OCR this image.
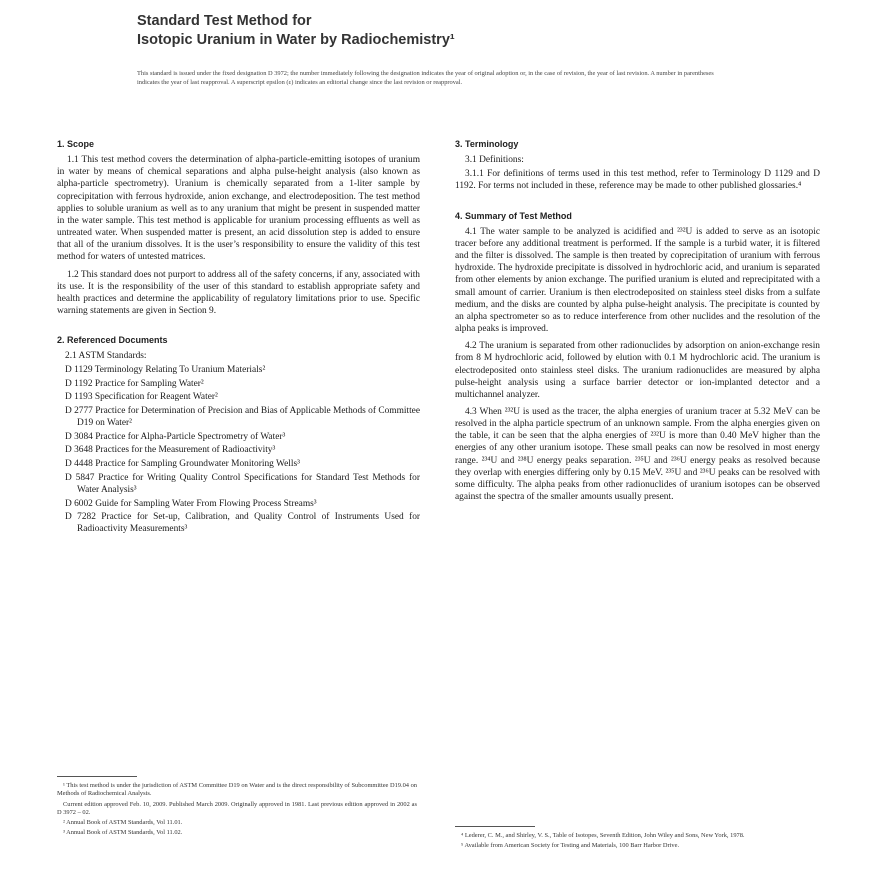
Standard Test Method for
Isotopic Uranium in Water by Radiochemistry¹
This standard is issued under the fixed designation D 3972; the number immediately following the designation indicates the year of original adoption or, in the case of revision, the year of last revision. A number in parentheses indicates the year of last reapproval. A superscript epsilon (ε) indicates an editorial change since the last revision or reapproval.
1. Scope

1.1 This test method covers the determination of alpha-particle-emitting isotopes of uranium in water by means of chemical separations and alpha pulse-height analysis (also known as alpha-particle spectrometry). Uranium is chemically separated from a 1-liter sample by coprecipitation with ferrous hydroxide, anion exchange, and electrodeposition. The test method applies to soluble uranium as well as to any uranium that might be present in suspended matter in the water sample. This test method is applicable for uranium processing effluents as well as untreated water. When suspended matter is present, an acid dissolution step is added to ensure that all of the uranium dissolves. It is the user’s responsibility to ensure the validity of this test method for waters of untested matrices.

1.2 This standard does not purport to address all of the safety concerns, if any, associated with its use. It is the responsibility of the user of this standard to establish appropriate safety and health practices and determine the applicability of regulatory limitations prior to use. Specific warning statements are given in Section 9.

2. Referenced Documents
2.1 ASTM Standards:
D 1129 Terminology Relating To Uranium Materials²
D 1192 Practice for Sampling Water²
D 1193 Specification for Reagent Water²
D 2777 Practice for Determination of Precision and Bias of Applicable Methods of Committee D19 on Water²
D 3084 Practice for Alpha-Particle Spectrometry of Water³
D 3648 Practices for the Measurement of Radioactivity³
D 4448 Practice for Sampling Groundwater Monitoring Wells³
D 5847 Practice for Writing Quality Control Specifications for Standard Test Methods for Water Analysis³
D 6002 Guide for Sampling Water From Flowing Process Streams³
D 7282 Practice for Set-up, Calibration, and Quality Control of Instruments Used for Radioactivity Measurements³

¹ This test method is under the jurisdiction of ASTM Committee D19 on Water and is the direct responsibility of Subcommittee D19.04 on Methods of Radiochemical Analysis.

Current edition approved Feb. 10, 2009. Published March 2009. Originally approved in 1981. Last previous edition approved in 2002 as D 3972 – 02.

² Annual Book of ASTM Standards, Vol 11.01.

³ Annual Book of ASTM Standards, Vol 11.02.

3. Terminology

3.1 Definitions:

3.1.1 For definitions of terms used in this test method, refer to Terminology D 1129 and D 1192. For terms not included in these, reference may be made to other published glossaries.⁴

4. Summary of Test Method

4.1 The water sample to be analyzed is acidified and ²³²U is added to serve as an isotopic tracer before any additional treatment is performed. If the sample is a turbid water, it is filtered and the filter is dissolved. The sample is then treated by coprecipitation of uranium with ferrous hydroxide. The hydroxide precipitate is dissolved in hydrochloric acid, and uranium is separated from other elements by anion exchange. The purified uranium is eluted and reprecipitated with a small amount of carrier. Uranium is then electrodeposited on stainless steel disks from a sulfate medium, and the disks are counted by alpha pulse-height analysis. The precipitate is counted by an alpha spectrometer so as to reduce interference from other nuclides and the resolution of the alpha peaks is improved.

4.2 The uranium is separated from other radionuclides by adsorption on anion-exchange resin from 8 M hydrochloric acid, followed by elution with 0.1 M hydrochloric acid. The uranium is electrodeposited onto stainless steel disks. The uranium radionuclides are measured by alpha pulse-height analysis using a surface barrier detector or ion-implanted detector and a multichannel analyzer.

4.3 When ²³²U is used as the tracer, the alpha energies of uranium tracer at 5.32 MeV can be resolved in the alpha particle spectrum of an unknown sample. From the alpha energies given on the table, it can be seen that the alpha energies of ²³²U is more than 0.40 MeV higher than the energies of any other uranium isotope. These small peaks can now be resolved in most energy range. ²³⁴U and ²³⁸U energy peaks separation. ²³⁵U and ²³⁶U energy peaks as resolved because they overlap with energies differing only by 0.15 MeV. ²³⁵U and ²³⁶U peaks can be resolved with some difficulty. The alpha peaks from other radionuclides of uranium isotopes can be observed against the spectra of the smaller amounts usually present.

⁴ Lederer, C. M., and Shirley, V. S., Table of Isotopes, Seventh Edition, John Wiley and Sons, New York, 1978.

⁵ Available from American Society for Testing and Materials, 100 Barr Harbor Drive.
